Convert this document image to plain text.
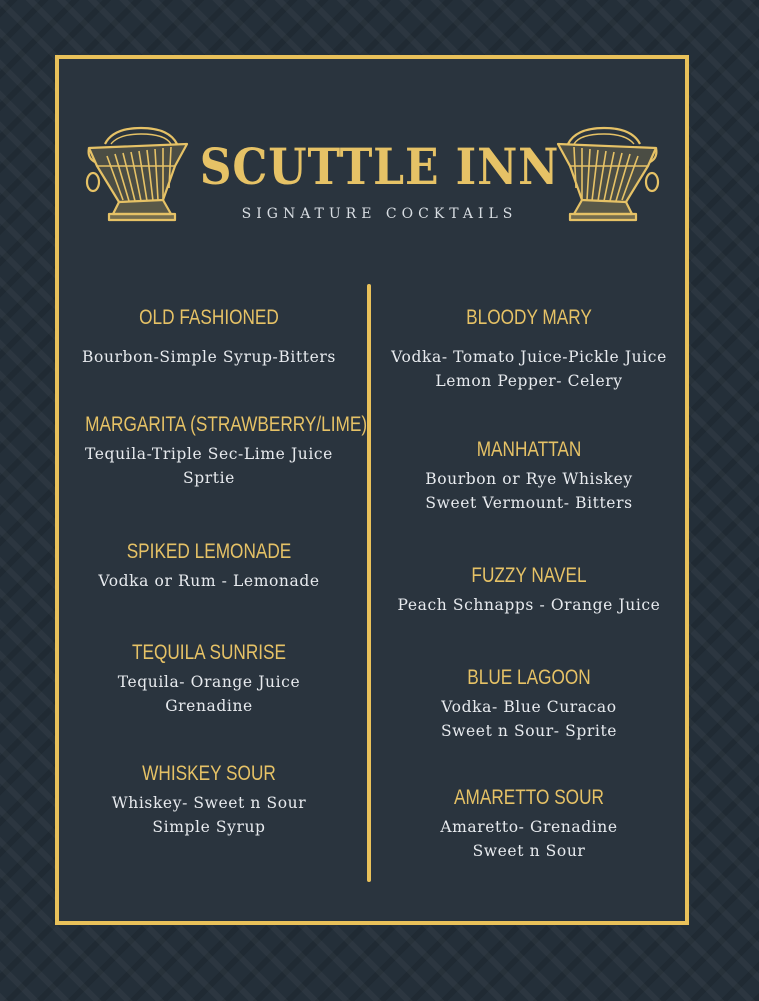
SCUTTLE INN
SIGNATURE COCKTAILS
OLD FASHIONED
Bourbon-Simple Syrup-Bitters
MARGARITA (STRAWBERRY/LIME)
Tequila-Triple Sec-Lime Juice
Sprtie
SPIKED LEMONADE
Vodka or Rum - Lemonade
TEQUILA SUNRISE
Tequila- Orange Juice
Grenadine
WHISKEY SOUR
Whiskey- Sweet n Sour
Simple Syrup
BLOODY MARY
Vodka- Tomato Juice-Pickle Juice
Lemon Pepper- Celery
MANHATTAN
Bourbon or Rye Whiskey
Sweet Vermount- Bitters
FUZZY NAVEL
Peach Schnapps - Orange Juice
BLUE LAGOON
Vodka- Blue Curacao
Sweet n Sour- Sprite
AMARETTO SOUR
Amaretto- Grenadine
Sweet n Sour
